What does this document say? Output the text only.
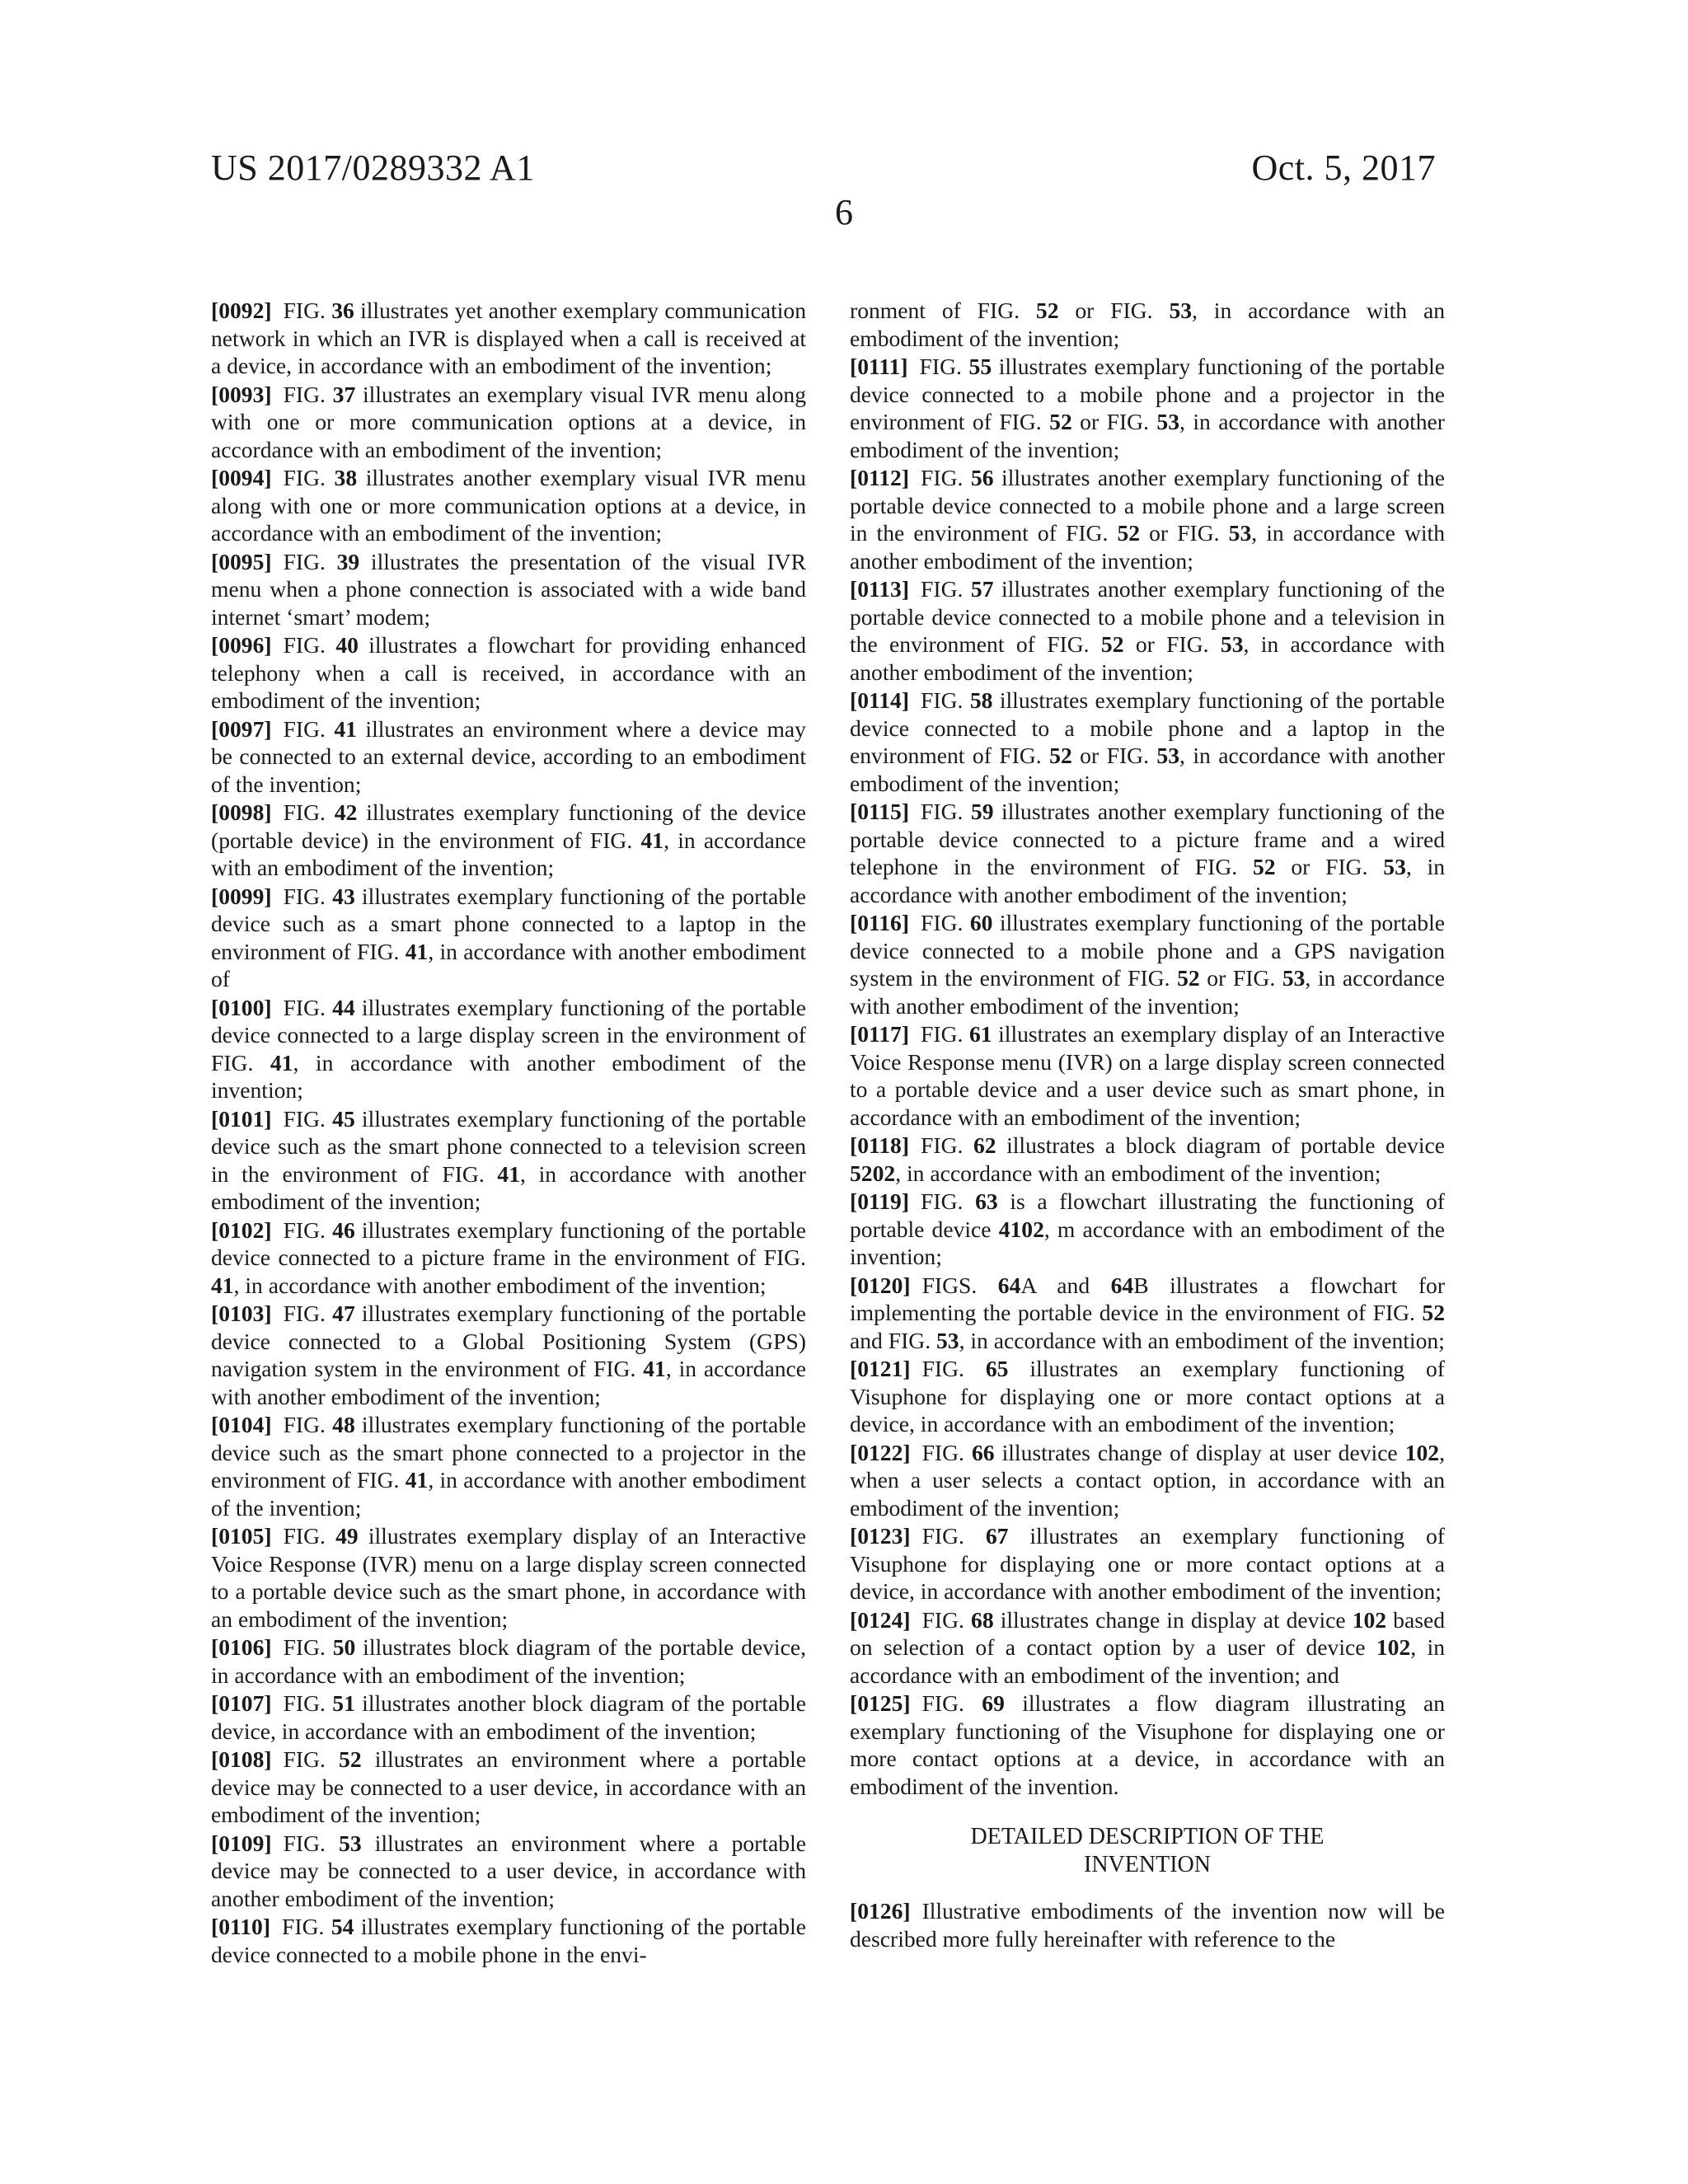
US 2017/0289332 A1	Oct. 5, 2017
6

[0092] FIG. 36 illustrates yet another exemplary communication network in which an IVR is displayed when a call is received at a device, in accordance with an embodiment of the invention;

[0093] FIG. 37 illustrates an exemplary visual IVR menu along with one or more communication options at a device, in accordance with an embodiment of the invention;

[0094] FIG. 38 illustrates another exemplary visual IVR menu along with one or more communication options at a device, in accordance with an embodiment of the invention;

[0095] FIG. 39 illustrates the presentation of the visual IVR menu when a phone connection is associated with a wide band internet ‘smart’ modem;

[0096] FIG. 40 illustrates a flowchart for providing enhanced telephony when a call is received, in accordance with an embodiment of the invention;

[0097] FIG. 41 illustrates an environment where a device may be connected to an external device, according to an embodiment of the invention;

[0098] FIG. 42 illustrates exemplary functioning of the device (portable device) in the environment of FIG. 41, in accordance with an embodiment of the invention;

[0099] FIG. 43 illustrates exemplary functioning of the portable device such as a smart phone connected to a laptop in the environment of FIG. 41, in accordance with another embodiment of

[0100] FIG. 44 illustrates exemplary functioning of the portable device connected to a large display screen in the environment of FIG. 41, in accordance with another embodiment of the invention;

[0101] FIG. 45 illustrates exemplary functioning of the portable device such as the smart phone connected to a television screen in the environment of FIG. 41, in accordance with another embodiment of the invention;

[0102] FIG. 46 illustrates exemplary functioning of the portable device connected to a picture frame in the environment of FIG. 41, in accordance with another embodiment of the invention;

[0103] FIG. 47 illustrates exemplary functioning of the portable device connected to a Global Positioning System (GPS) navigation system in the environment of FIG. 41, in accordance with another embodiment of the invention;

[0104] FIG. 48 illustrates exemplary functioning of the portable device such as the smart phone connected to a projector in the environment of FIG. 41, in accordance with another embodiment of the invention;

[0105] FIG. 49 illustrates exemplary display of an Interactive Voice Response (IVR) menu on a large display screen connected to a portable device such as the smart phone, in accordance with an embodiment of the invention;

[0106] FIG. 50 illustrates block diagram of the portable device, in accordance with an embodiment of the invention;

[0107] FIG. 51 illustrates another block diagram of the portable device, in accordance with an embodiment of the invention;

[0108] FIG. 52 illustrates an environment where a portable device may be connected to a user device, in accordance with an embodiment of the invention;

[0109] FIG. 53 illustrates an environment where a portable device may be connected to a user device, in accordance with another embodiment of the invention;

[0110] FIG. 54 illustrates exemplary functioning of the portable device connected to a mobile phone in the envi-

ronment of FIG. 52 or FIG. 53, in accordance with an embodiment of the invention;

[0111] FIG. 55 illustrates exemplary functioning of the portable device connected to a mobile phone and a projector in the environment of FIG. 52 or FIG. 53, in accordance with another embodiment of the invention;

[0112] FIG. 56 illustrates another exemplary functioning of the portable device connected to a mobile phone and a large screen in the environment of FIG. 52 or FIG. 53, in accordance with another embodiment of the invention;

[0113] FIG. 57 illustrates another exemplary functioning of the portable device connected to a mobile phone and a television in the environment of FIG. 52 or FIG. 53, in accordance with another embodiment of the invention;

[0114] FIG. 58 illustrates exemplary functioning of the portable device connected to a mobile phone and a laptop in the environment of FIG. 52 or FIG. 53, in accordance with another embodiment of the invention;

[0115] FIG. 59 illustrates another exemplary functioning of the portable device connected to a picture frame and a wired telephone in the environment of FIG. 52 or FIG. 53, in accordance with another embodiment of the invention;

[0116] FIG. 60 illustrates exemplary functioning of the portable device connected to a mobile phone and a GPS navigation system in the environment of FIG. 52 or FIG. 53, in accordance with another embodiment of the invention;

[0117] FIG. 61 illustrates an exemplary display of an Interactive Voice Response menu (IVR) on a large display screen connected to a portable device and a user device such as smart phone, in accordance with an embodiment of the invention;

[0118] FIG. 62 illustrates a block diagram of portable device 5202, in accordance with an embodiment of the invention;

[0119] FIG. 63 is a flowchart illustrating the functioning of portable device 4102, m accordance with an embodiment of the invention;

[0120] FIGS. 64A and 64B illustrates a flowchart for implementing the portable device in the environment of FIG. 52 and FIG. 53, in accordance with an embodiment of the invention;

[0121] FIG. 65 illustrates an exemplary functioning of Visuphone for displaying one or more contact options at a device, in accordance with an embodiment of the invention;

[0122] FIG. 66 illustrates change of display at user device 102, when a user selects a contact option, in accordance with an embodiment of the invention;

[0123] FIG. 67 illustrates an exemplary functioning of Visuphone for displaying one or more contact options at a device, in accordance with another embodiment of the invention;

[0124] FIG. 68 illustrates change in display at device 102 based on selection of a contact option by a user of device 102, in accordance with an embodiment of the invention; and

[0125] FIG. 69 illustrates a flow diagram illustrating an exemplary functioning of the Visuphone for displaying one or more contact options at a device, in accordance with an embodiment of the invention.

DETAILED DESCRIPTION OF THE
INVENTION

[0126] Illustrative embodiments of the invention now will be described more fully hereinafter with reference to the
